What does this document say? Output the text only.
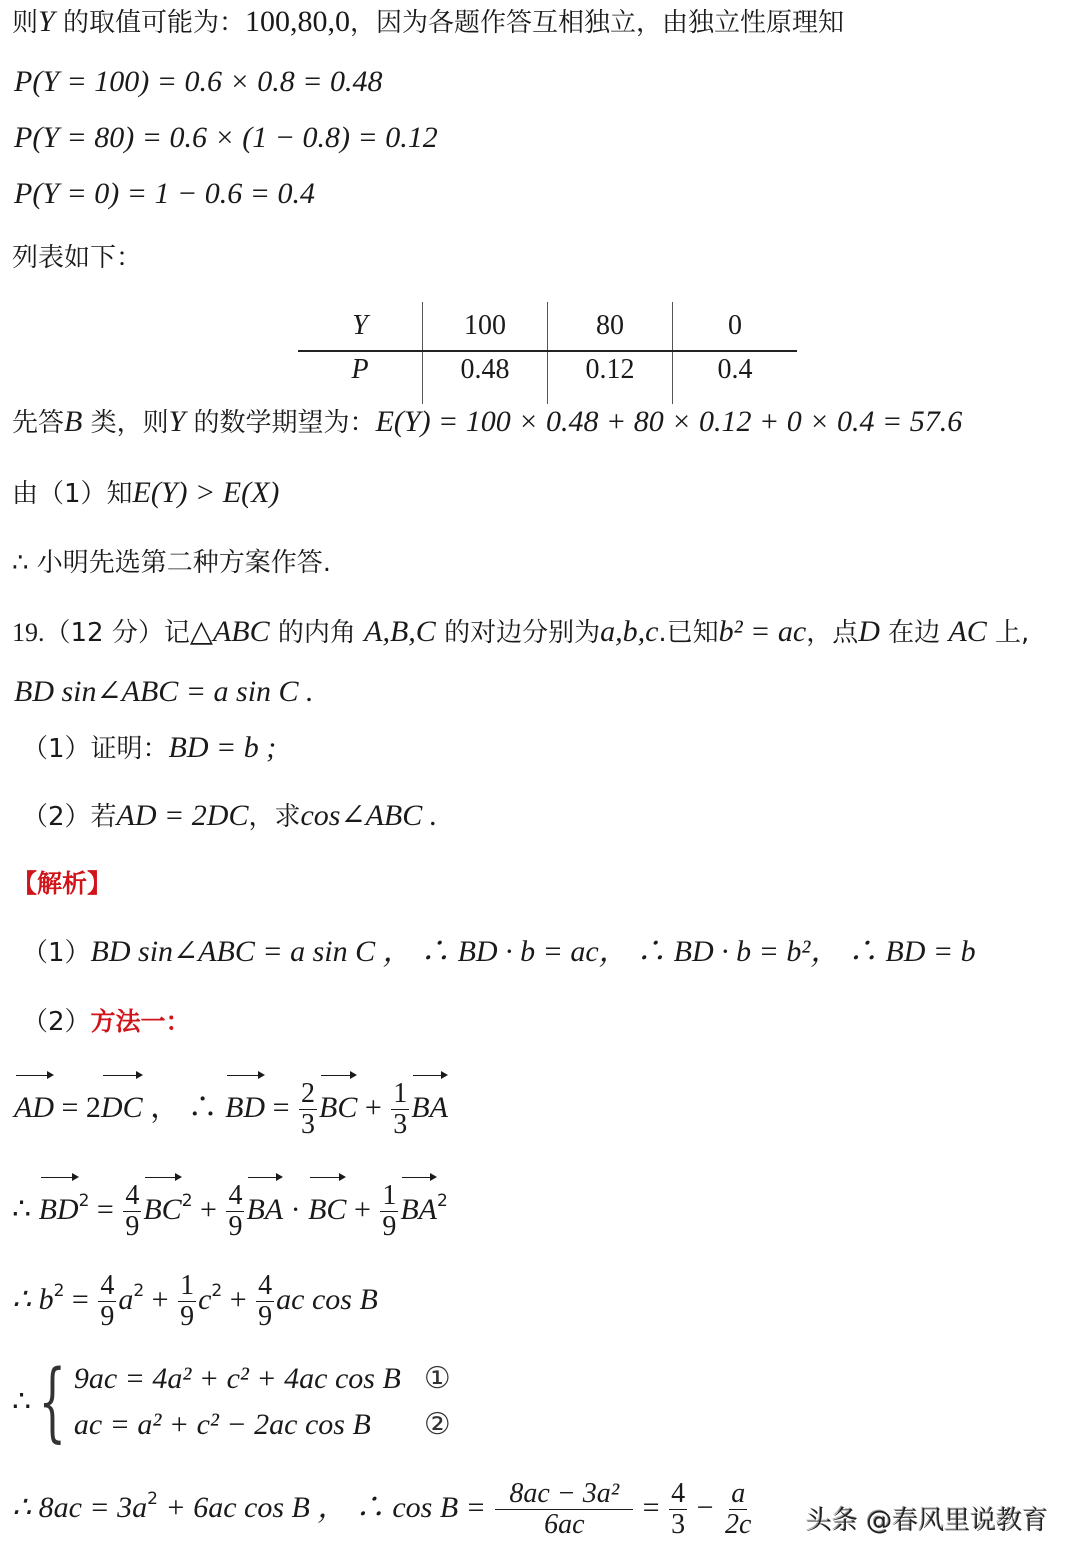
则Y 的取值可能为：100,80,0，因为各题作答互相独立，由独立性原理知
P(Y = 100) = 0.6 × 0.8 = 0.48
P(Y = 80) = 0.6 × (1 − 0.8) = 0.12
P(Y = 0) = 1 − 0.6 = 0.4
列表如下：
Y	100	80	0
P	0.48	0.12	0.4
先答B 类，则Y 的数学期望为：E(Y) = 100 × 0.48 + 80 × 0.12 + 0 × 0.4 = 57.6
由（1）知E(Y) > E(X)
∴ 小明先选第二种方案作答.
19.（12 分）记△ABC 的内角 A,B,C 的对边分别为a,b,c.已知b² = ac，点D 在边 AC 上,
BD sin∠ABC = a sin C .
（1）证明：BD = b ;
（2）若AD = 2DC，求cos∠ABC .
【解析】
（1）BD sin∠ABC = a sin C ， ∴ BD · b = ac， ∴ BD · b = b²， ∴ BD = b
（2）方法一：
AD = 2DC ， ∴ BD = $\frac{2}{3}$ BC + $\frac{1}{3}$ BA
∴ $BD^2 = \frac{4}{9} BC^2 + \frac{4}{9}$ BA · BC + $\frac{1}{9} BA^2$
∴ $b^2 = \frac{4}{9} a^2 + \frac{1}{9} c^2 + \frac{4}{9}$ ac cos B
∴{ 9ac = 4a² + c² + 4ac cos B ①
ac = a² + c² − 2ac cos B ②
∴ $8ac = 3a^2 + 6ac$ cos B ， ∴ $\cos B = \frac{\text{8ac − 3a²}}{6ac} = \frac{4}{3} - \frac{a}{2c}$ 头条 @春风里说教育
